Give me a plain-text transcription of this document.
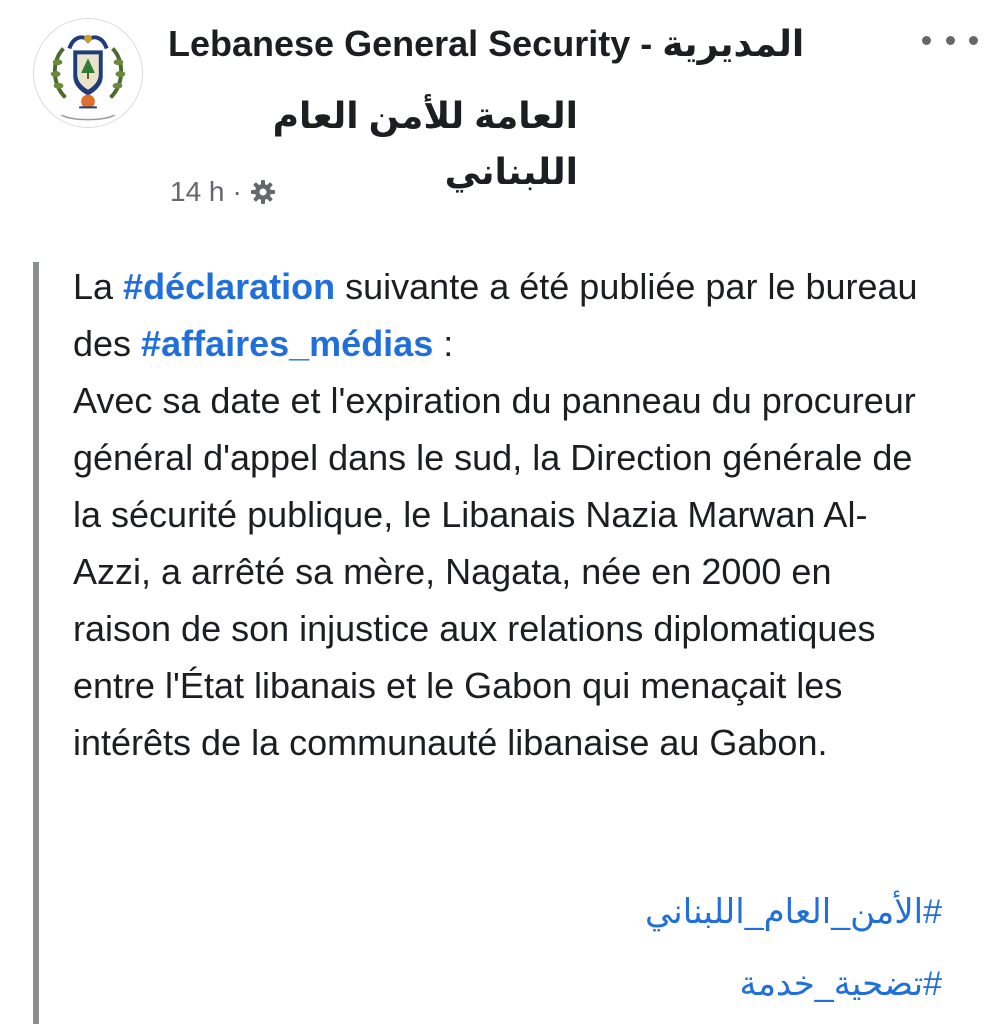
Lebanese General Security - المديرية
العامة للأمن العام اللبناني
14 h ·

La #déclaration suivante a été publiée par le bureau des #affaires_médias :

Avec sa date et l'expiration du panneau du procureur général d'appel dans le sud, la Direction générale de la sécurité publique, le Libanais Nazia Marwan Al-Azzi, a arrêté sa mère, Nagata, née en 2000 en raison de son injustice aux relations diplomatiques entre l'État libanais et le Gabon qui menaçait les intérêts de la communauté libanaise au Gabon.

#الأمن_العام_اللبناني
#تضحية_خدمة
